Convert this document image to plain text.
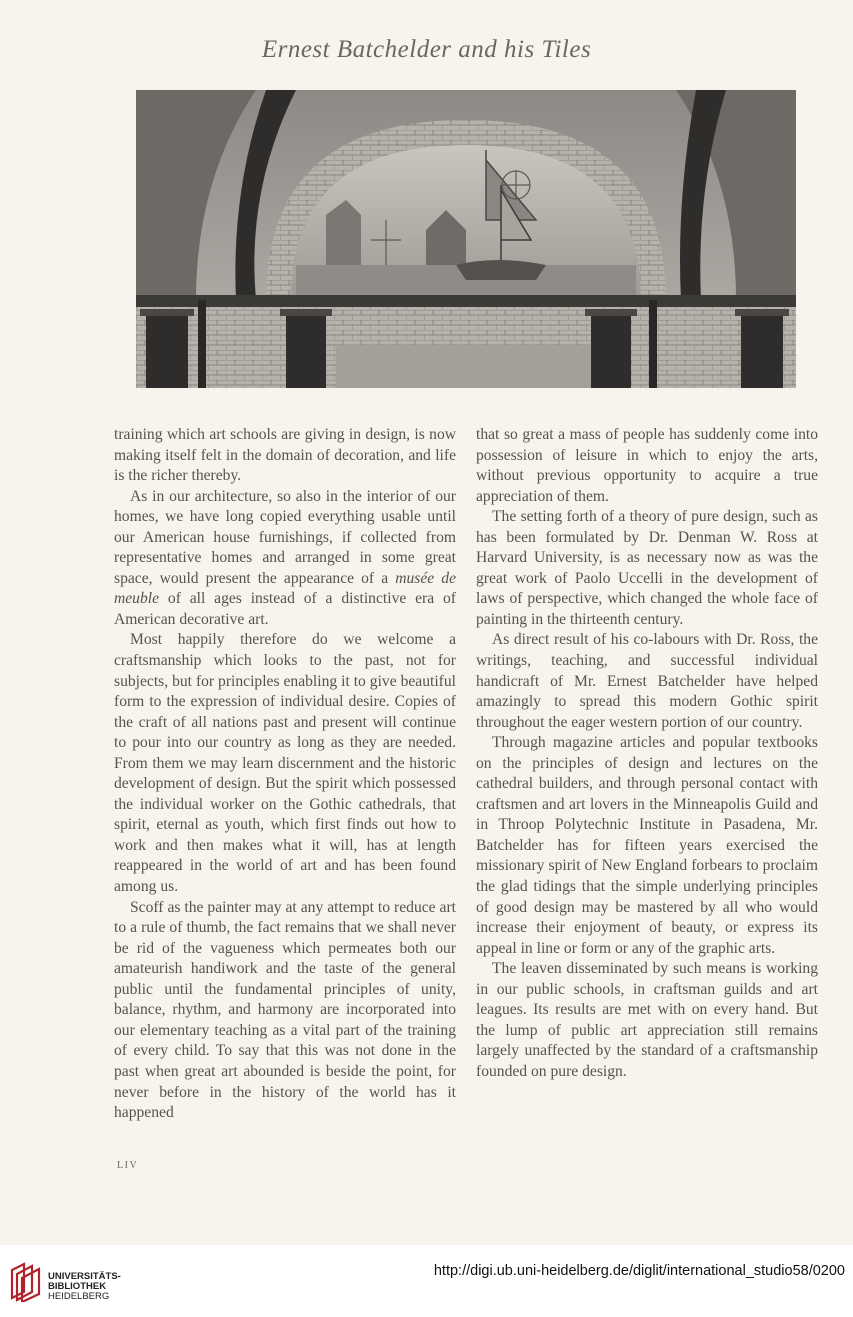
Ernest Batchelder and his Tiles

training which art schools are giving in design, is now making itself felt in the domain of decoration, and life is the richer thereby.

As in our architecture, so also in the interior of our homes, we have long copied everything usable until our American house furnishings, if collected from representative homes and arranged in some great space, would present the appearance of a musée de meuble of all ages instead of a distinctive era of American decorative art.

Most happily therefore do we welcome a craftsmanship which looks to the past, not for subjects, but for principles enabling it to give beautiful form to the expression of individual desire. Copies of the craft of all nations past and present will continue to pour into our country as long as they are needed. From them we may learn discernment and the historic development of design. But the spirit which possessed the individual worker on the Gothic cathedrals, that spirit, eternal as youth, which first finds out how to work and then makes what it will, has at length reappeared in the world of art and has been found among us.

Scoff as the painter may at any attempt to reduce art to a rule of thumb, the fact remains that we shall never be rid of the vagueness which permeates both our amateurish handiwork and the taste of the general public until the fundamental principles of unity, balance, rhythm, and harmony are incorporated into our elementary teaching as a vital part of the training of every child. To say that this was not done in the past when great art abounded is beside the point, for never before in the history of the world has it happened

that so great a mass of people has suddenly come into possession of leisure in which to enjoy the arts, without previous opportunity to acquire a true appreciation of them.

The setting forth of a theory of pure design, such as has been formulated by Dr. Denman W. Ross at Harvard University, is as necessary now as was the great work of Paolo Uccelli in the development of laws of perspective, which changed the whole face of painting in the thirteenth century.

As direct result of his co-labours with Dr. Ross, the writings, teaching, and successful individual handicraft of Mr. Ernest Batchelder have helped amazingly to spread this modern Gothic spirit throughout the eager western portion of our country.

Through magazine articles and popular textbooks on the principles of design and lectures on the cathedral builders, and through personal contact with craftsmen and art lovers in the Minneapolis Guild and in Throop Polytechnic Institute in Pasadena, Mr. Batchelder has for fifteen years exercised the missionary spirit of New England forbears to proclaim the glad tidings that the simple underlying principles of good design may be mastered by all who would increase their enjoyment of beauty, or express its appeal in line or form or any of the graphic arts.

The leaven disseminated by such means is working in our public schools, in craftsman guilds and art leagues. Its results are met with on every hand. But the lump of public art appreciation still remains largely unaffected by the standard of a craftsmanship founded on pure design.

LIV
UNIVERSITÄTS-
BIBLIOTHEK
HEIDELBERG
http://digi.ub.uni-heidelberg.de/diglit/international_studio58/0200
